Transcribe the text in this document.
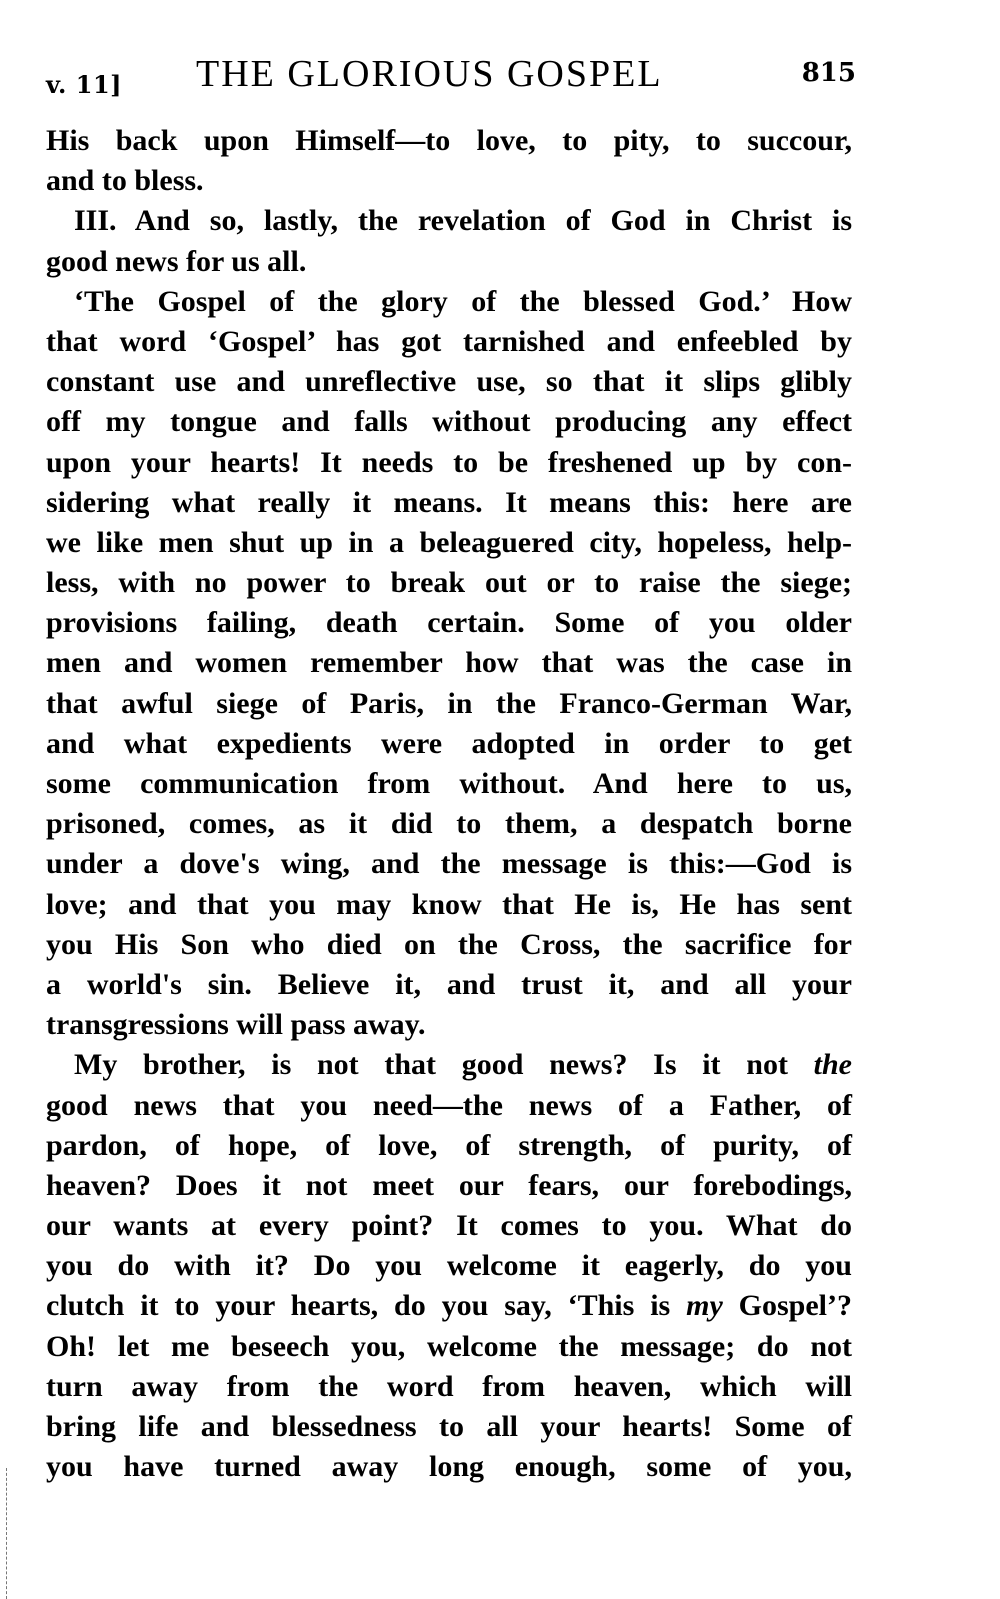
v. 11] THE GLORIOUS GOSPEL	815
His back upon Himself—to love, to pity, to succour,
and to bless.
III. And so, lastly, the revelation of God in Christ is
good news for us all.
‘The Gospel of the glory of the blessed God.’ How
that word ‘Gospel’ has got tarnished and enfeebled by
constant use and unreflective use, so that it slips glibly
off my tongue and falls without producing any effect
upon your hearts! It needs to be freshened up by con-
sidering what really it means. It means this: here are
we like men shut up in a beleaguered city, hopeless, help-
less, with no power to break out or to raise the siege;
provisions failing, death certain. Some of you older
men and women remember how that was the case in
that awful siege of Paris, in the Franco-German War,
and what expedients were adopted in order to get
some communication from without. And here to us,
prisoned, comes, as it did to them, a despatch borne
under a dove's wing, and the message is this:—God is
love; and that you may know that He is, He has sent
you His Son who died on the Cross, the sacrifice for
a world's sin. Believe it, and trust it, and all your
transgressions will pass away.
My brother, is not that good news? Is it not the
good news that you need—the news of a Father, of
pardon, of hope, of love, of strength, of purity, of
heaven? Does it not meet our fears, our forebodings,
our wants at every point? It comes to you. What do
you do with it? Do you welcome it eagerly, do you
clutch it to your hearts, do you say, ‘This is my Gospel’?
Oh! let me beseech you, welcome the message; do not
turn away from the word from heaven, which will
bring life and blessedness to all your hearts! Some of
you have turned away long enough, some of you,
